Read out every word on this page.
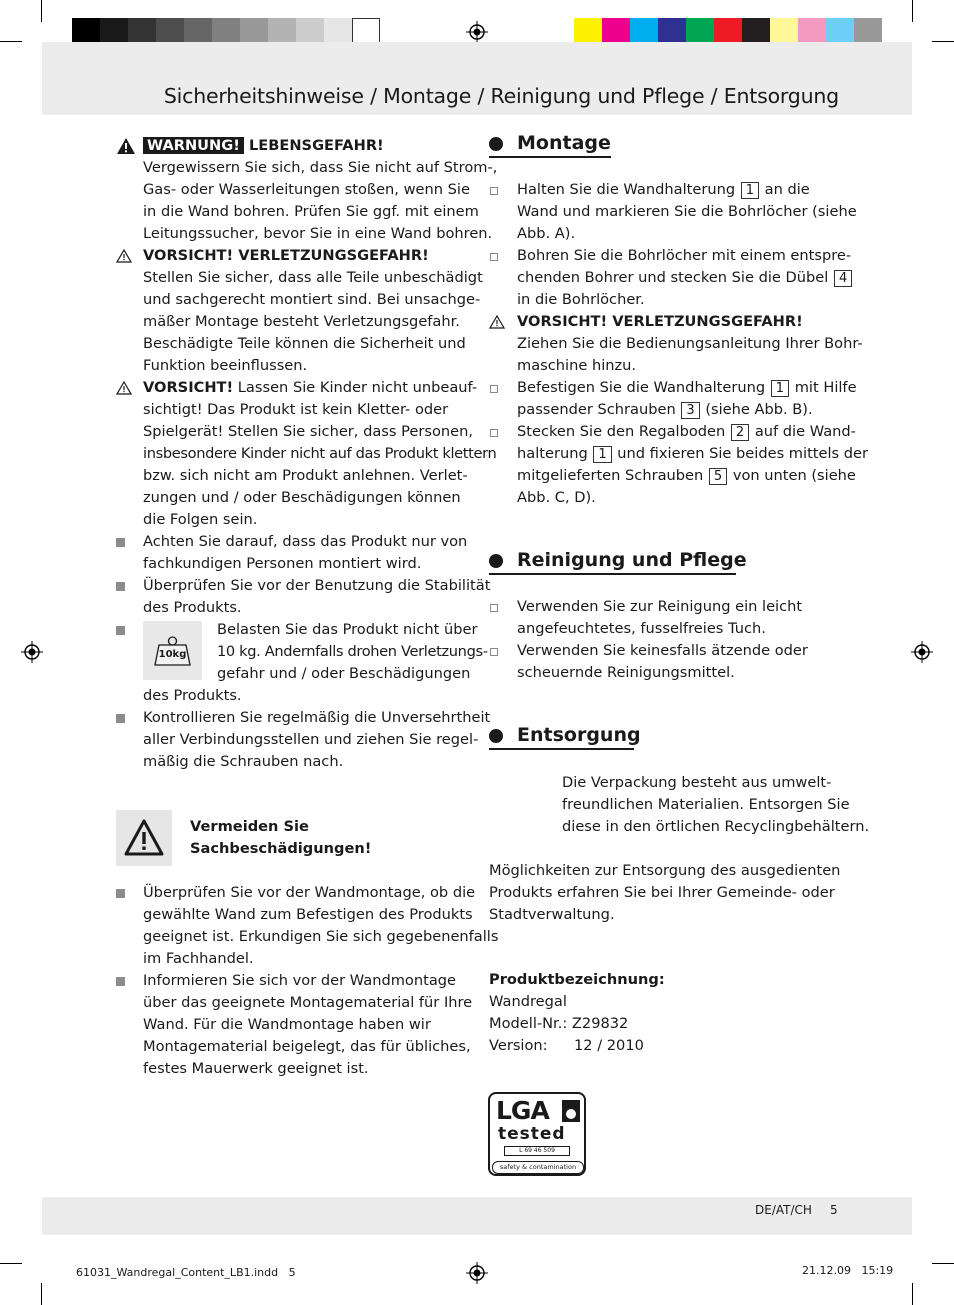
Sicherheitshinweise / Montage / Reinigung und Pflege / Entsorgung
WARNUNG! LEBENSGEFAHR!
Vergewissern Sie sich, dass Sie nicht auf Strom-,
Gas- oder Wasserleitungen stoßen, wenn Sie
in die Wand bohren. Prüfen Sie ggf. mit einem
Leitungssucher, bevor Sie in eine Wand bohren.
VORSICHT! VERLETZUNGSGEFAHR!
Stellen Sie sicher, dass alle Teile unbeschädigt
und sachgerecht montiert sind. Bei unsachge-
mäßer Montage besteht Verletzungsgefahr.
Beschädigte Teile können die Sicherheit und
Funktion beeinflussen.
VORSICHT! Lassen Sie Kinder nicht unbeauf-
sichtigt! Das Produkt ist kein Kletter- oder
Spielgerät! Stellen Sie sicher, dass Personen,
insbesondere Kinder nicht auf das Produkt klettern
bzw. sich nicht am Produkt anlehnen. Verlet-
zungen und / oder Beschädigungen können
die Folgen sein.
Achten Sie darauf, dass das Produkt nur von
fachkundigen Personen montiert wird.
Überprüfen Sie vor der Benutzung die Stabilität
des Produkts.
10kg
Belasten Sie das Produkt nicht über
10 kg. Andernfalls drohen Verletzungs-
gefahr und / oder Beschädigungen
des Produkts.
Kontrollieren Sie regelmäßig die Unversehrtheit
aller Verbindungsstellen und ziehen Sie regel-
mäßig die Schrauben nach.
Vermeiden Sie
Sachbeschädigungen!
Überprüfen Sie vor der Wandmontage, ob die
gewählte Wand zum Befestigen des Produkts
geeignet ist. Erkundigen Sie sich gegebenenfalls
im Fachhandel.
Informieren Sie sich vor der Wandmontage
über das geeignete Montagematerial für Ihre
Wand. Für die Wandmontage haben wir
Montagematerial beigelegt, das für übliches,
festes Mauerwerk geeignet ist.
Montage
Halten Sie die Wandhalterung 1 an die
Wand und markieren Sie die Bohrlöcher (siehe
Abb. A).
Bohren Sie die Bohrlöcher mit einem entspre-
chenden Bohrer und stecken Sie die Dübel 4
in die Bohrlöcher.
VORSICHT! VERLETZUNGSGEFAHR!
Ziehen Sie die Bedienungsanleitung Ihrer Bohr-
maschine hinzu.
Befestigen Sie die Wandhalterung 1 mit Hilfe
passender Schrauben 3 (siehe Abb. B).
Stecken Sie den Regalboden 2 auf die Wand-
halterung 1 und fixieren Sie beides mittels der
mitgelieferten Schrauben 5 von unten (siehe
Abb. C, D).
Reinigung und Pflege
Verwenden Sie zur Reinigung ein leicht
angefeuchtetes, fusselfreies Tuch.
Verwenden Sie keinesfalls ätzende oder
scheuernde Reinigungsmittel.
Entsorgung
Die Verpackung besteht aus umwelt-
freundlichen Materialien. Entsorgen Sie
diese in den örtlichen Recyclingbehältern.
Möglichkeiten zur Entsorgung des ausgedienten
Produkts erfahren Sie bei Ihrer Gemeinde- oder
Stadtverwaltung.
Produktbezeichnung:
Wandregal
Modell-Nr.: Z29832
Version: 12 / 2010
LGA
tested
L 69 46 509
safety & contamination
DE/AT/CH 5
61031_Wandregal_Content_LB1.indd   5	21.12.09   15:19
